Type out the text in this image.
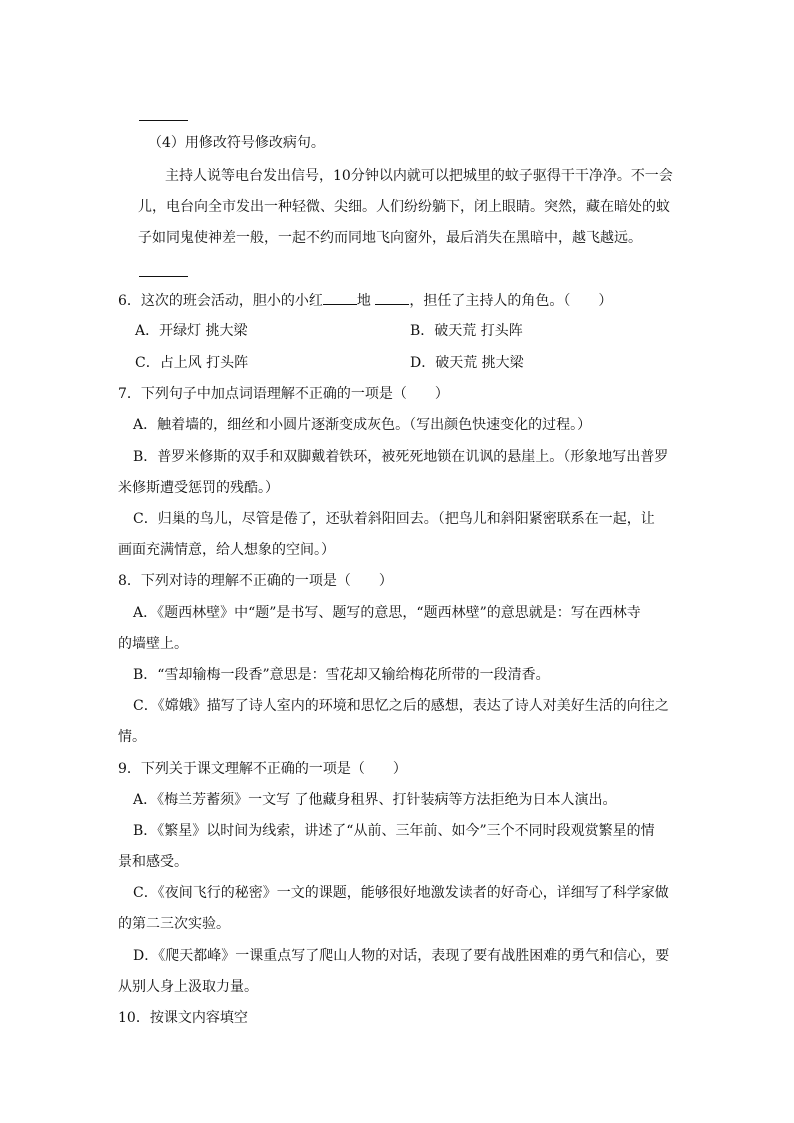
（4）用修改符号修改病句。
主持人说等电台发出信号，10分钟以内就可以把城里的蚊子驱得干干净净。不一会
儿，电台向全市发出一种轻微、尖细。人们纷纷躺下，闭上眼睛。突然，藏在暗处的蚊
子如同鬼使神差一般，一起不约而同地飞向窗外，最后消失在黑暗中，越飞越远。
6．这次的班会活动，胆小的小红 地 ，担任了主持人的角色。（　　）
A．开绿灯 挑大梁	B．破天荒 打头阵
C．占上风 打头阵	D．破天荒 挑大梁
7．下列句子中加点词语理解不正确的一项是（　　）
A．触着墙的，细丝和小圆片逐渐变成灰色。（写出颜色快速变化的过程。）
B．普罗米修斯的双手和双脚戴着铁环，被死死地锁在讥讽的悬崖上。（形象地写出普罗
米修斯遭受惩罚的残酷。）
C．归巢的鸟儿，尽管是倦了，还驮着斜阳回去。（把鸟儿和斜阳紧密联系在一起，让
画面充满情意，给人想象的空间。）
8．下列对诗的理解不正确的一项是（　　）
A．《题西林壁》中“题”是书写、题写的意思，“题西林壁”的意思就是：写在西林寺
的墙壁上。
B．“雪却输梅一段香”意思是：雪花却又输给梅花所带的一段清香。
C．《嫦娥》描写了诗人室内的环境和思忆之后的感想，表达了诗人对美好生活的向往之
情。
9．下列关于课文理解不正确的一项是（　　）
A．《梅兰芳蓄须》一文写 了他藏身租界、打针装病等方法拒绝为日本人演出。
B．《繁星》以时间为线索，讲述了“从前、三年前、如今”三个不同时段观赏繁星的情
景和感受。
C．《夜间飞行的秘密》一文的课题，能够很好地激发读者的好奇心，详细写了科学家做
的第二三次实验。
D．《爬天都峰》一课重点写了爬山人物的对话，表现了要有战胜困难的勇气和信心，要
从别人身上汲取力量。
10．按课文内容填空
